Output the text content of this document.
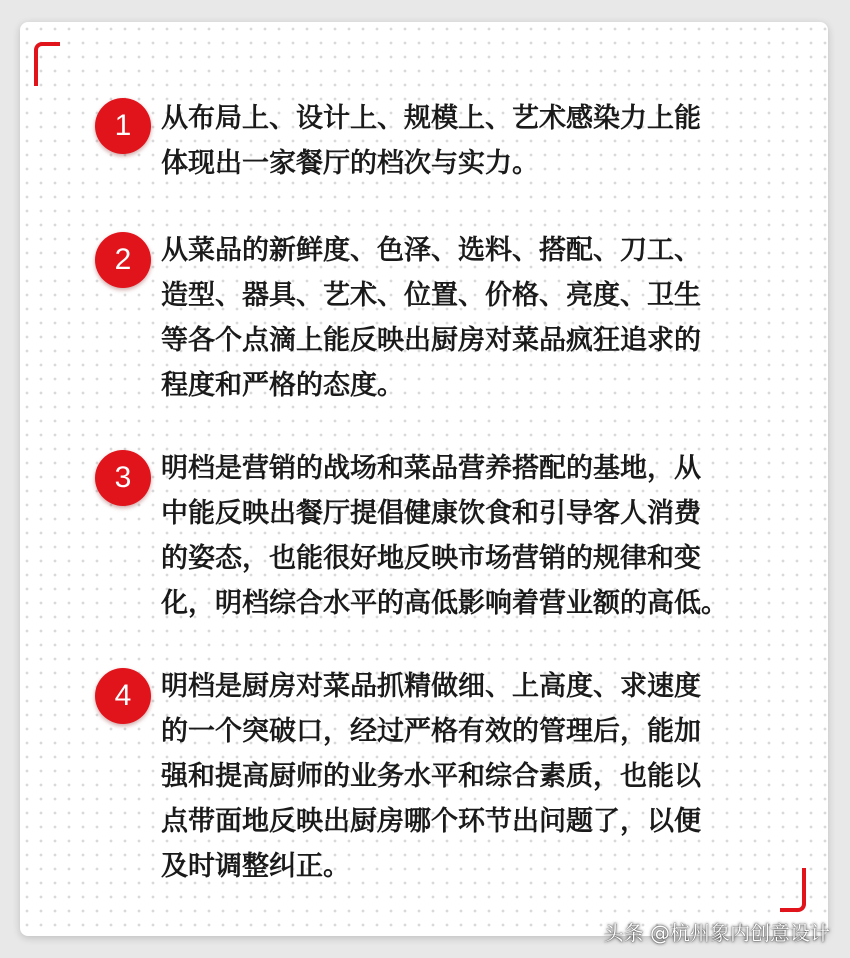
1	从布局上、设计上、规模上、艺术感染力上能
体现出一家餐厅的档次与实力。
2	从菜品的新鲜度、色泽、选料、搭配、刀工、
造型、器具、艺术、位置、价格、亮度、卫生
等各个点滴上能反映出厨房对菜品疯狂追求的
程度和严格的态度。
3	明档是营销的战场和菜品营养搭配的基地，从
中能反映出餐厅提倡健康饮食和引导客人消费
的姿态，也能很好地反映市场营销的规律和变
化，明档综合水平的高低影响着营业额的高低。
4	明档是厨房对菜品抓精做细、上高度、求速度
的一个突破口，经过严格有效的管理后，能加
强和提高厨师的业务水平和综合素质，也能以
点带面地反映出厨房哪个环节出问题了，以便
及时调整纠正。
头条 @杭州象内创意设计
